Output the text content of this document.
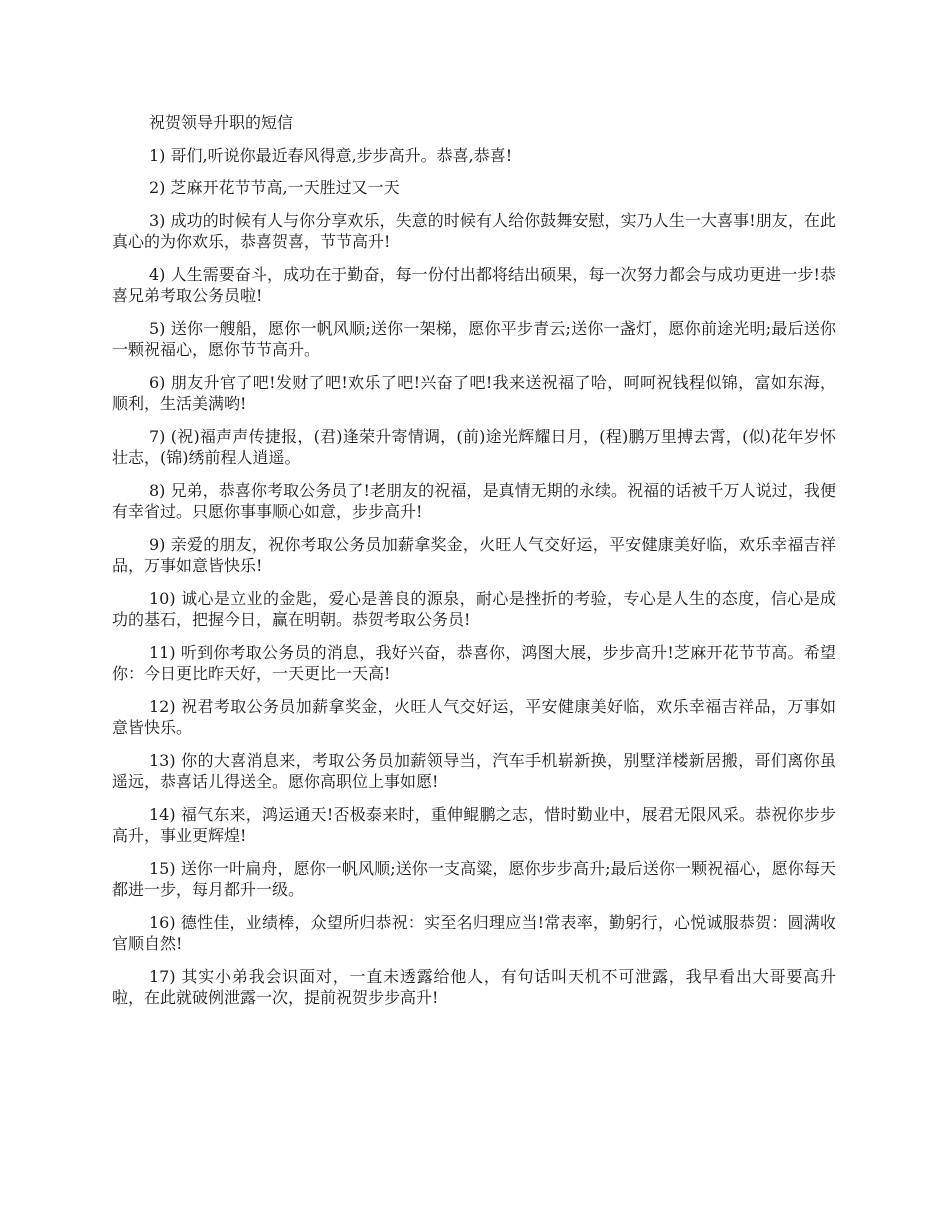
祝贺领导升职的短信

1) 哥们,听说你最近春风得意,步步高升。恭喜,恭喜!

2) 芝麻开花节节高,一天胜过又一天

3) 成功的时候有人与你分享欢乐，失意的时候有人给你鼓舞安慰，实乃人生一大喜事!朋友，在此真心的为你欢乐，恭喜贺喜，节节高升!

4) 人生需要奋斗，成功在于勤奋，每一份付出都将结出硕果，每一次努力都会与成功更进一步!恭喜兄弟考取公务员啦!

5) 送你一艘船，愿你一帆风顺;送你一架梯，愿你平步青云;送你一盏灯，愿你前途光明;最后送你一颗祝福心，愿你节节高升。

6) 朋友升官了吧!发财了吧!欢乐了吧!兴奋了吧!我来送祝福了哈，呵呵祝钱程似锦，富如东海，顺利，生活美满哟!

7) (祝)福声声传捷报，(君)逢荣升寄情调，(前)途光辉耀日月，(程)鹏万里搏去霄，(似)花年岁怀壮志，(锦)绣前程人逍遥。

8) 兄弟，恭喜你考取公务员了!老朋友的祝福，是真情无期的永续。祝福的话被千万人说过，我便有幸省过。只愿你事事顺心如意，步步高升!

9) 亲爱的朋友，祝你考取公务员加薪拿奖金，火旺人气交好运，平安健康美好临，欢乐幸福吉祥品，万事如意皆快乐!

10) 诚心是立业的金匙，爱心是善良的源泉，耐心是挫折的考验，专心是人生的态度，信心是成功的基石，把握今日，赢在明朝。恭贺考取公务员!

11) 听到你考取公务员的消息，我好兴奋，恭喜你，鸿图大展，步步高升!芝麻开花节节高。希望你：今日更比昨天好，一天更比一天高!

12) 祝君考取公务员加薪拿奖金，火旺人气交好运，平安健康美好临，欢乐幸福吉祥品，万事如意皆快乐。

13) 你的大喜消息来，考取公务员加薪领导当，汽车手机崭新换，别墅洋楼新居搬，哥们离你虽遥远，恭喜话儿得送全。愿你高职位上事如愿!

14) 福气东来，鸿运通天!否极泰来时，重伸鲲鹏之志，惜时勤业中，展君无限风采。恭祝你步步高升，事业更辉煌!

15) 送你一叶扁舟，愿你一帆风顺;送你一支高粱，愿你步步高升;最后送你一颗祝福心，愿你每天都进一步，每月都升一级。

16) 德性佳，业绩棒，众望所归恭祝：实至名归理应当!常表率，勤躬行，心悦诚服恭贺：圆满收官顺自然!

17) 其实小弟我会识面对，一直未透露给他人，有句话叫天机不可泄露，我早看出大哥要高升啦，在此就破例泄露一次，提前祝贺步步高升!
